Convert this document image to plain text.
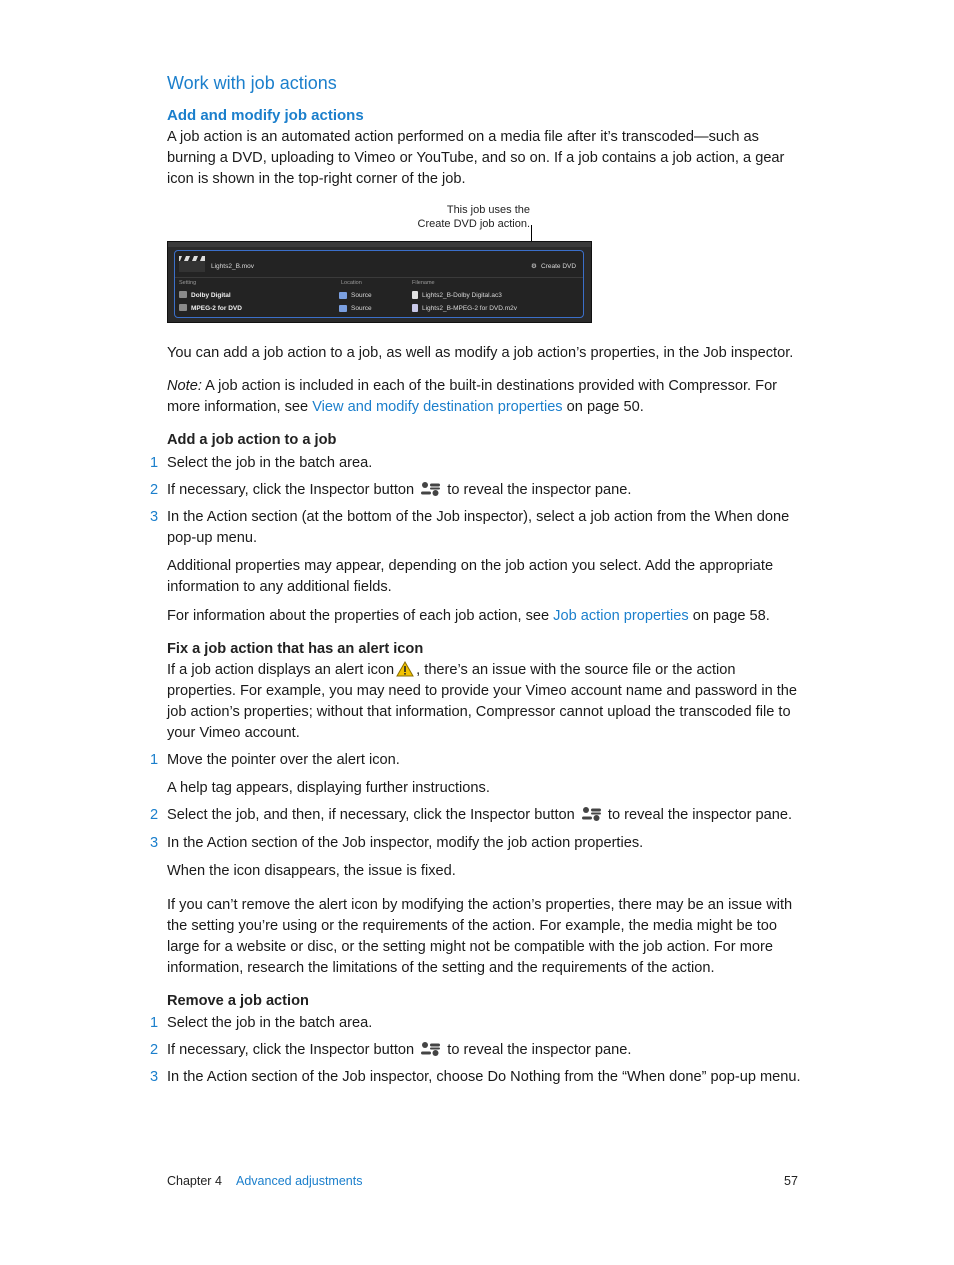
Work with job actions
Add and modify job actions
A job action is an automated action performed on a media file after it’s transcoded—such as burning a DVD, uploading to Vimeo or YouTube, and so on. If a job contains a job action, a gear icon is shown in the top-right corner of the job.
This job uses the
Create DVD job action.
Lights2_B.mov	⚙ Create DVD
Setting	Location	Filename
Dolby Digital	Source	Lights2_B-Dolby Digital.ac3
MPEG-2 for DVD	Source	Lights2_B-MPEG-2 for DVD.m2v
You can add a job action to a job, as well as modify a job action’s properties, in the Job inspector.
Note: A job action is included in each of the built-in destinations provided with Compressor. For more information, see View and modify destination properties on page 50.
Add a job action to a job
1 Select the job in the batch area.
2 If necessary, click the Inspector button to reveal the inspector pane.
3 In the Action section (at the bottom of the Job inspector), select a job action from the When done pop-up menu.
Additional properties may appear, depending on the job action you select. Add the appropriate information to any additional fields.
For information about the properties of each job action, see Job action properties on page 58.
Fix a job action that has an alert icon
If a job action displays an alert icon , there’s an issue with the source file or the action properties. For example, you may need to provide your Vimeo account name and password in the job action’s properties; without that information, Compressor cannot upload the transcoded file to your Vimeo account.
1 Move the pointer over the alert icon.
A help tag appears, displaying further instructions.
2 Select the job, and then, if necessary, click the Inspector button to reveal the inspector pane.
3 In the Action section of the Job inspector, modify the job action properties.
When the icon disappears, the issue is fixed.
If you can’t remove the alert icon by modifying the action’s properties, there may be an issue with the setting you’re using or the requirements of the action. For example, the media might be too large for a website or disc, or the setting might not be compatible with the job action. For more information, research the limitations of the setting and the requirements of the action.
Remove a job action
1 Select the job in the batch area.
2 If necessary, click the Inspector button to reveal the inspector pane.
3 In the Action section of the Job inspector, choose Do Nothing from the “When done” pop-up menu.
Chapter 4 Advanced adjustments	57
